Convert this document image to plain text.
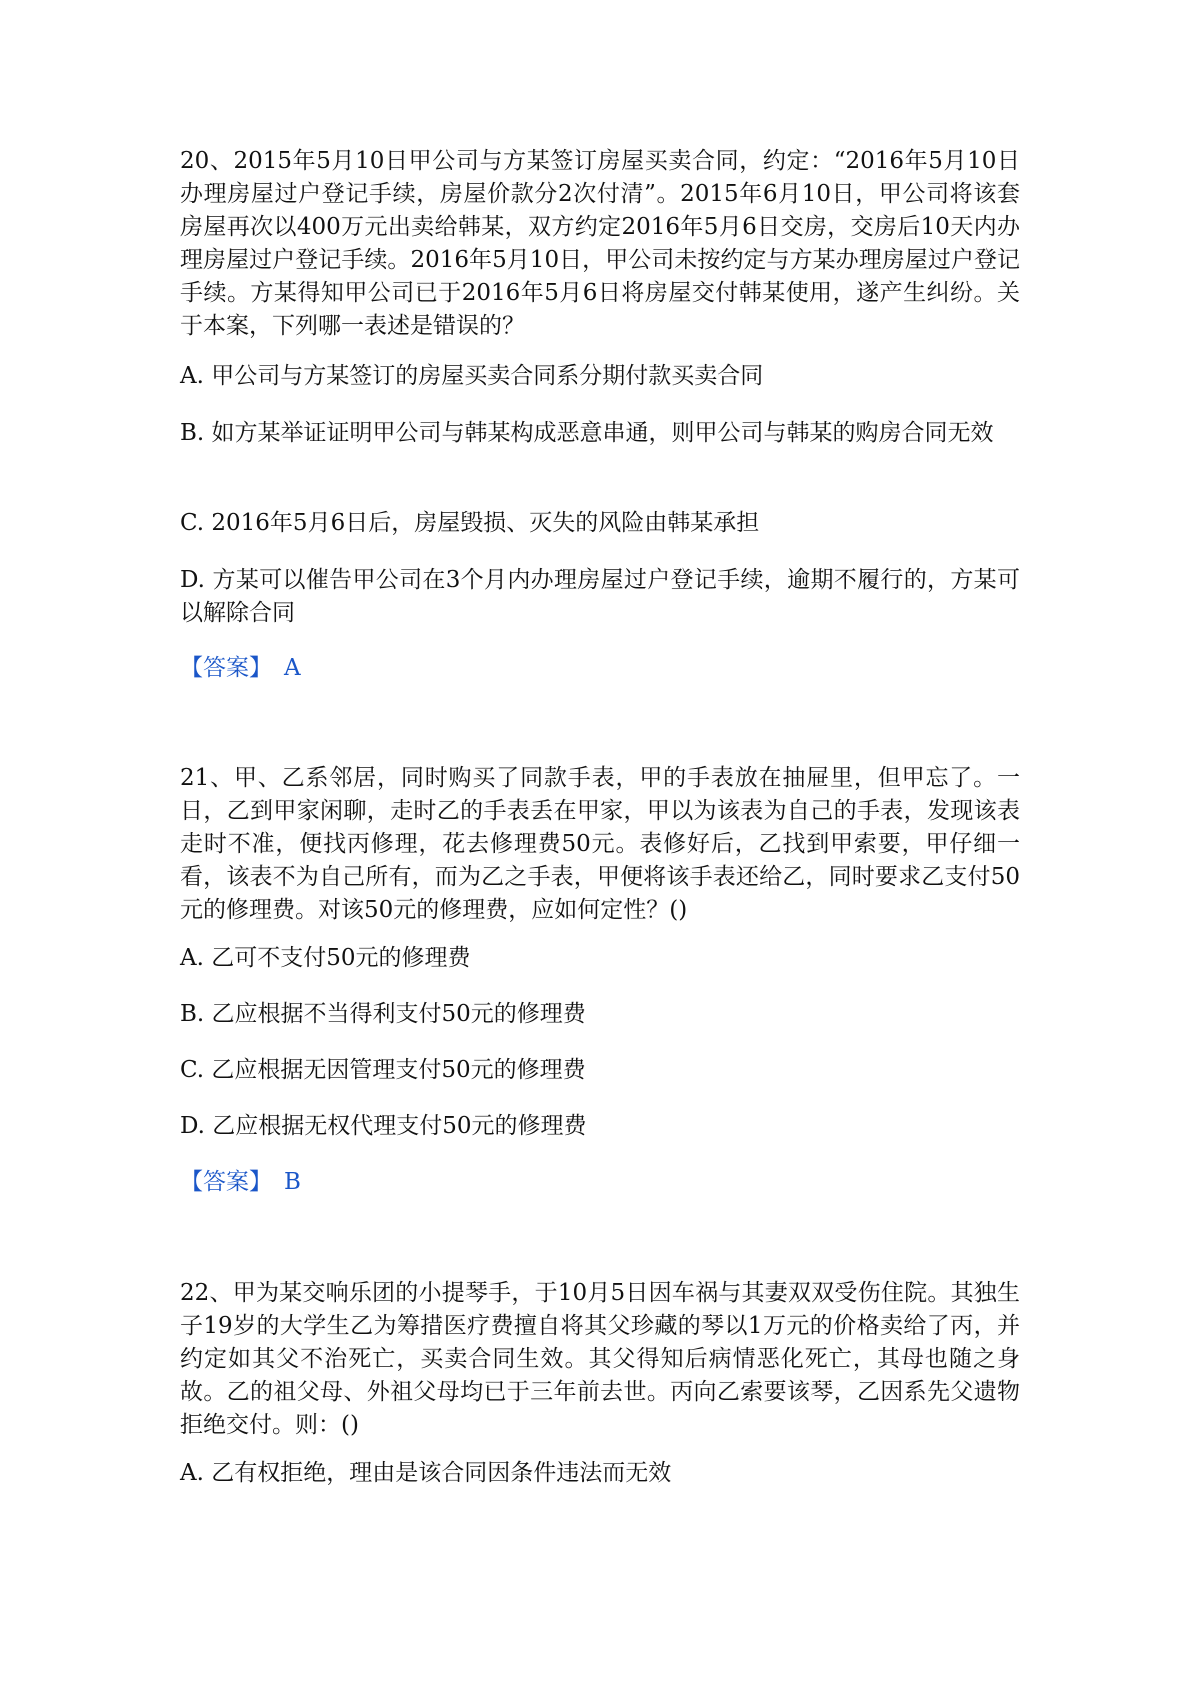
20、2015年5月10日甲公司与方某签订房屋买卖合同，约定：“2016年5月10日办理房屋过户登记手续，房屋价款分2次付清”。2015年6月10日，甲公司将该套房屋再次以400万元出卖给韩某，双方约定2016年5月6日交房，交房后10天内办理房屋过户登记手续。2016年5月10日，甲公司未按约定与方某办理房屋过户登记手续。方某得知甲公司已于2016年5月6日将房屋交付韩某使用，遂产生纠纷。关于本案，下列哪一表述是错误的？

A. 甲公司与方某签订的房屋买卖合同系分期付款买卖合同

B. 如方某举证证明甲公司与韩某构成恶意串通，则甲公司与韩某的购房合同无效

C. 2016年5月6日后，房屋毁损、灭失的风险由韩某承担

D. 方某可以催告甲公司在3个月内办理房屋过户登记手续，逾期不履行的，方某可以解除合同

【答案】 A

21、甲、乙系邻居，同时购买了同款手表，甲的手表放在抽屉里，但甲忘了。一日，乙到甲家闲聊，走时乙的手表丢在甲家，甲以为该表为自己的手表，发现该表走时不准，便找丙修理，花去修理费50元。表修好后，乙找到甲索要，甲仔细一看，该表不为自己所有，而为乙之手表，甲便将该手表还给乙，同时要求乙支付50元的修理费。对该50元的修理费，应如何定性？()

A. 乙可不支付50元的修理费

B. 乙应根据不当得利支付50元的修理费

C. 乙应根据无因管理支付50元的修理费

D. 乙应根据无权代理支付50元的修理费

【答案】 B

22、甲为某交响乐团的小提琴手，于10月5日因车祸与其妻双双受伤住院。其独生子19岁的大学生乙为筹措医疗费擅自将其父珍藏的琴以1万元的价格卖给了丙，并约定如其父不治死亡，买卖合同生效。其父得知后病情恶化死亡，其母也随之身故。乙的祖父母、外祖父母均已于三年前去世。丙向乙索要该琴，乙因系先父遗物拒绝交付。则：()

A. 乙有权拒绝，理由是该合同因条件违法而无效
